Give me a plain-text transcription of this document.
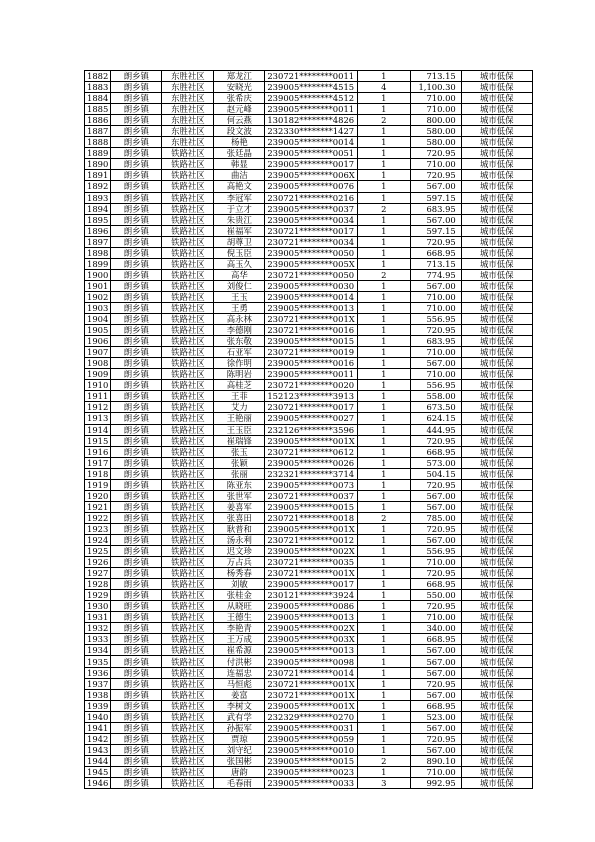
1882	朗乡镇	东胜社区	郑龙江	230721********0011	1	713.15	城市低保
1883	朗乡镇	东胜社区	安晓光	239005********4515	4	1,100.30	城市低保
1884	朗乡镇	东胜社区	张希庆	239005********4512	1	710.00	城市低保
1885	朗乡镇	东胜社区	赵元峰	239005********0011	1	710.00	城市低保
1886	朗乡镇	东胜社区	何云燕	130182********4826	2	800.00	城市低保
1887	朗乡镇	东胜社区	段文波	232330********1427	1	580.00	城市低保
1888	朗乡镇	东胜社区	杨艳	239005********0014	1	580.00	城市低保
1889	朗乡镇	铁路社区	张廷晶	239005********0051	1	720.95	城市低保
1890	朗乡镇	铁路社区	韩显	239005********0017	1	710.00	城市低保
1891	朗乡镇	铁路社区	曲洁	239005********006X	1	720.95	城市低保
1892	朗乡镇	铁路社区	高艳文	239005********0076	1	567.00	城市低保
1893	朗乡镇	铁路社区	李冠军	230721********0216	1	597.15	城市低保
1894	朗乡镇	铁路社区	于立才	239005********0037	2	683.95	城市低保
1895	朗乡镇	铁路社区	朱贵江	239005********0034	1	567.00	城市低保
1896	朗乡镇	铁路社区	崔福军	230721********0017	1	597.15	城市低保
1897	朗乡镇	铁路社区	胡尊卫	230721********0034	1	720.95	城市低保
1898	朗乡镇	铁路社区	倪玉臣	239005********0050	1	668.95	城市低保
1899	朗乡镇	铁路社区	高玉久	239005********005X	1	713.15	城市低保
1900	朗乡镇	铁路社区	高华	230721********0050	2	774.95	城市低保
1901	朗乡镇	铁路社区	刘俊仁	239005********0030	1	567.00	城市低保
1902	朗乡镇	铁路社区	王玉	239005********0014	1	710.00	城市低保
1903	朗乡镇	铁路社区	王勇	239005********0013	1	710.00	城市低保
1904	朗乡镇	铁路社区	高永林	230721********001X	1	556.95	城市低保
1905	朗乡镇	铁路社区	李德刚	230721********0016	1	720.95	城市低保
1906	朗乡镇	铁路社区	张东敬	239005********0015	1	683.95	城市低保
1907	朗乡镇	铁路社区	石亚军	230721********0019	1	710.00	城市低保
1908	朗乡镇	铁路社区	徐作明	239005********0016	1	567.00	城市低保
1909	朗乡镇	铁路社区	陈明岩	239005********0011	1	710.00	城市低保
1910	朗乡镇	铁路社区	高桂芝	230721********0020	1	556.95	城市低保
1911	朗乡镇	铁路社区	王菲	152123********3913	1	558.00	城市低保
1912	朗乡镇	铁路社区	艾力	230721********0017	1	673.50	城市低保
1913	朗乡镇	铁路社区	王艳丽	239005********0027	1	624.15	城市低保
1914	朗乡镇	铁路社区	王玉臣	232126********3596	1	444.95	城市低保
1915	朗乡镇	铁路社区	崔瑞锋	239005********001X	1	720.95	城市低保
1916	朗乡镇	铁路社区	张玉	230721********0612	1	668.95	城市低保
1917	朗乡镇	铁路社区	张颖	239005********0026	1	573.00	城市低保
1918	朗乡镇	铁路社区	张丽	232321********3714	1	504.15	城市低保
1919	朗乡镇	铁路社区	陈亚东	239005********0073	1	720.95	城市低保
1920	朗乡镇	铁路社区	张世军	230721********0037	1	567.00	城市低保
1921	朗乡镇	铁路社区	姜喜军	239005********0015	1	567.00	城市低保
1922	朗乡镇	铁路社区	张喜田	230721********0018	2	785.00	城市低保
1923	朗乡镇	铁路社区	耿普和	239005********001X	1	720.95	城市低保
1924	朗乡镇	铁路社区	汤永利	230721********0012	1	567.00	城市低保
1925	朗乡镇	铁路社区	迟文珍	239005********002X	1	556.95	城市低保
1926	朗乡镇	铁路社区	万占兵	230721********0035	1	710.00	城市低保
1927	朗乡镇	铁路社区	杨秀春	230721********001X	1	720.95	城市低保
1928	朗乡镇	铁路社区	刘敏	239005********0017	1	668.95	城市低保
1929	朗乡镇	铁路社区	张桂金	230121********3924	1	550.00	城市低保
1930	朗乡镇	铁路社区	从晓旺	239005********0086	1	720.95	城市低保
1931	朗乡镇	铁路社区	王德生	239005********0013	1	710.00	城市低保
1932	朗乡镇	铁路社区	李艳青	239005********002X	1	340.00	城市低保
1933	朗乡镇	铁路社区	王万成	239005********003X	1	668.95	城市低保
1934	朗乡镇	铁路社区	崔希源	239005********0013	1	567.00	城市低保
1935	朗乡镇	铁路社区	付洪彬	239005********0098	1	567.00	城市低保
1936	朗乡镇	铁路社区	连福忠	230721********0014	1	567.00	城市低保
1937	朗乡镇	铁路社区	马恒彪	230721********001X	1	720.95	城市低保
1938	朗乡镇	铁路社区	姜富	230721********001X	1	567.00	城市低保
1939	朗乡镇	铁路社区	李树文	239005********001X	1	668.95	城市低保
1940	朗乡镇	铁路社区	武有学	232329********0270	1	523.00	城市低保
1941	朗乡镇	铁路社区	孙振军	239005********0031	1	567.00	城市低保
1942	朗乡镇	铁路社区	贾琼	239005********0059	1	720.95	城市低保
1943	朗乡镇	铁路社区	刘守纪	239005********0010	1	567.00	城市低保
1944	朗乡镇	铁路社区	张国彬	239005********0015	2	890.10	城市低保
1945	朗乡镇	铁路社区	唐韵	239005********0023	1	710.00	城市低保
1946	朗乡镇	铁路社区	毛春雨	239005********0033	3	992.95	城市低保
